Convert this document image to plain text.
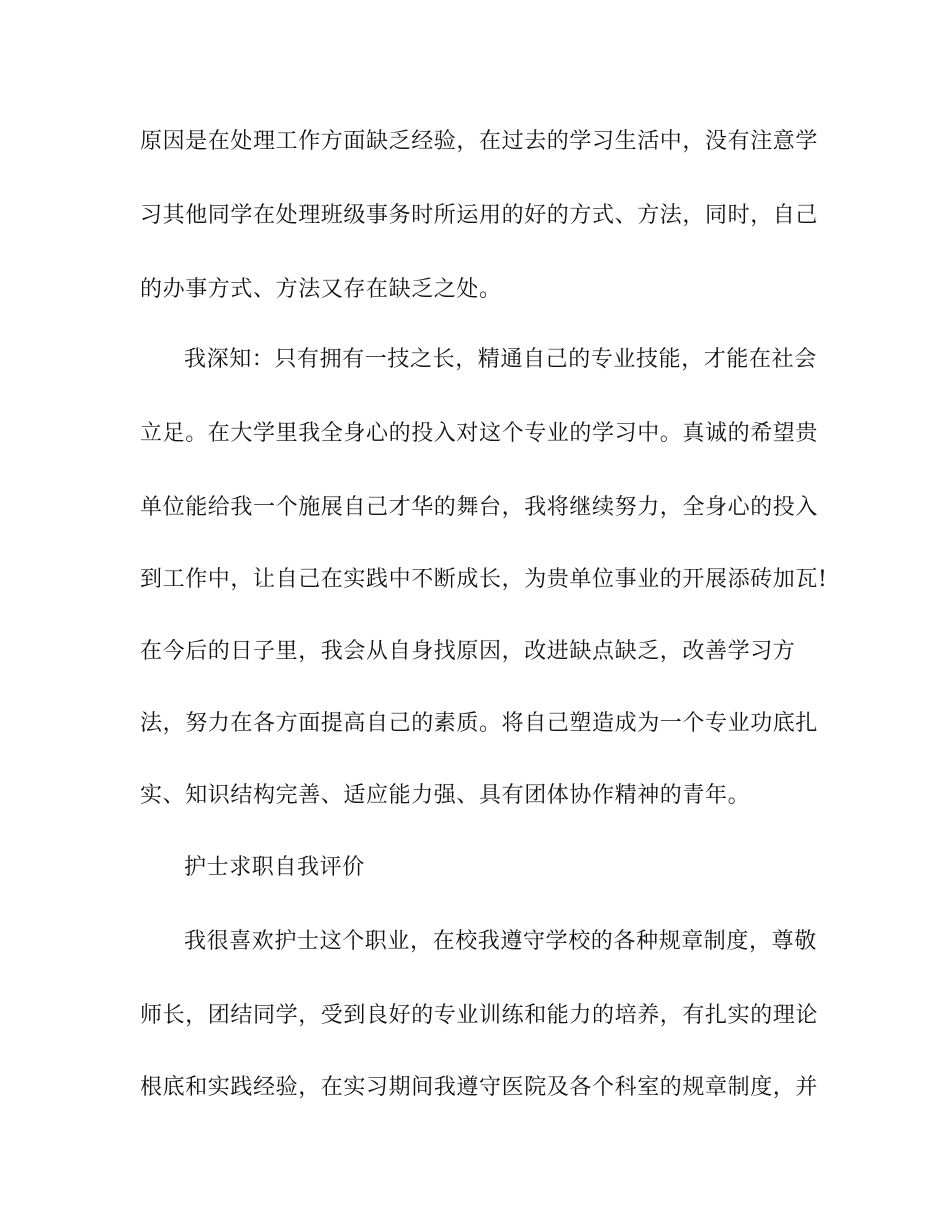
原因是在处理工作方面缺乏经验，在过去的学习生活中，没有注意学
习其他同学在处理班级事务时所运用的好的方式、方法，同时，自己
的办事方式、方法又存在缺乏之处。
我深知：只有拥有一技之长，精通自己的专业技能，才能在社会
立足。在大学里我全身心的投入对这个专业的学习中。真诚的希望贵
单位能给我一个施展自己才华的舞台，我将继续努力，全身心的投入
到工作中，让自己在实践中不断成长，为贵单位事业的开展添砖加瓦!
在今后的日子里，我会从自身找原因，改进缺点缺乏，改善学习方
法，努力在各方面提高自己的素质。将自己塑造成为一个专业功底扎
实、知识结构完善、适应能力强、具有团体协作精神的青年。
护士求职自我评价
我很喜欢护士这个职业，在校我遵守学校的各种规章制度，尊敬
师长，团结同学，受到良好的专业训练和能力的培养，有扎实的理论
根底和实践经验，在实习期间我遵守医院及各个科室的规章制度，并
